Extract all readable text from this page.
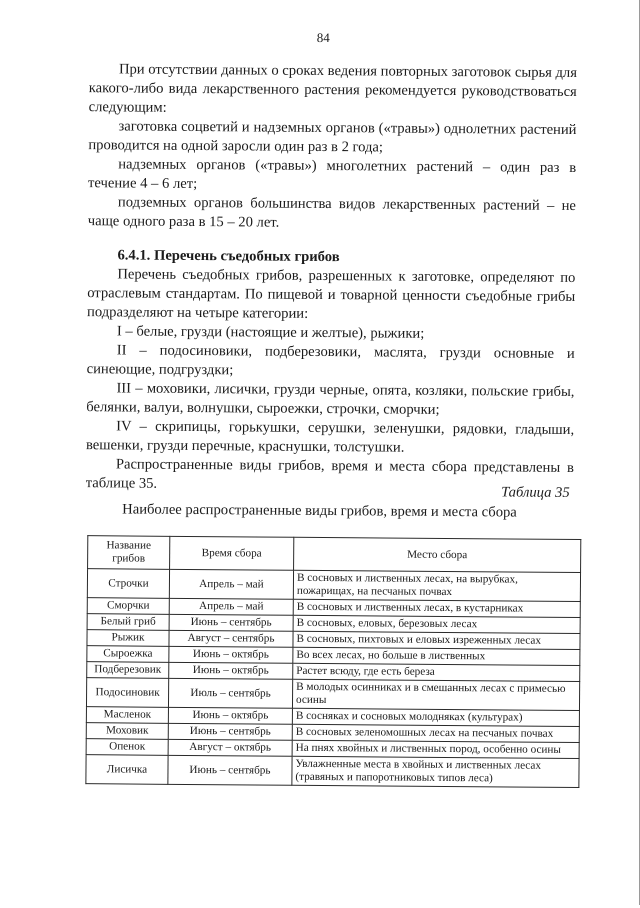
84

При отсутствии данных о сроках ведения повторных заготовок сырья для какого-либо вида лекарственного растения рекомендуется руководствоваться следующим:

заготовка соцветий и надземных органов («травы») однолетних растений проводится на одной заросли один раз в 2 года;

надземных органов («травы») многолетних растений – один раз в течение 4 – 6 лет;

подземных органов большинства видов лекарственных растений – не чаще одного раза в 15 – 20 лет.

6.4.1. Перечень съедобных грибов

Перечень съедобных грибов, разрешенных к заготовке, определяют по отраслевым стандартам. По пищевой и товарной ценности съедобные грибы подразделяют на четыре категории:

I – белые, грузди (настоящие и желтые), рыжики;

II – подосиновики, подберезовики, маслята, грузди основные и синеющие, подгруздки;

III – моховики, лисички, грузди черные, опята, козляки, польские грибы, белянки, валуи, волнушки, сыроежки, строчки, сморчки;

IV – скрипицы, горькушки, серушки, зеленушки, рядовки, гладыши, вешенки, грузди перечные, краснушки, толстушки.

Распространенные виды грибов, время и места сбора представлены в таблице 35.

Таблица 35
Наиболее распространенные виды грибов, время и места сбора
Название грибов	Время сбора	Место сбора
Строчки	Апрель – май	В сосновых и лиственных лесах, на вырубках, пожарищах, на песчаных почвах
Сморчки	Апрель – май	В сосновых и лиственных лесах, в кустарниках
Белый гриб	Июнь – сентябрь	В сосновых, еловых, березовых лесах
Рыжик	Август – сентябрь	В сосновых, пихтовых и еловых изреженных лесах
Сыроежка	Июнь – октябрь	Во всех лесах, но больше в лиственных
Подберезовик	Июнь – октябрь	Растет всюду, где есть береза
Подосиновик	Июль – сентябрь	В молодых осинниках и в смешанных лесах с примесью осины
Масленок	Июнь – октябрь	В сосняках и сосновых молодняках (культурах)
Моховик	Июнь – сентябрь	В сосновых зеленомошных лесах на песчаных почвах
Опенок	Август – октябрь	На пнях хвойных и лиственных пород, особенно осины
Лисичка	Июнь – сентябрь	Увлажненные места в хвойных и лиственных лесах (травяных и папоротниковых типов леса)
